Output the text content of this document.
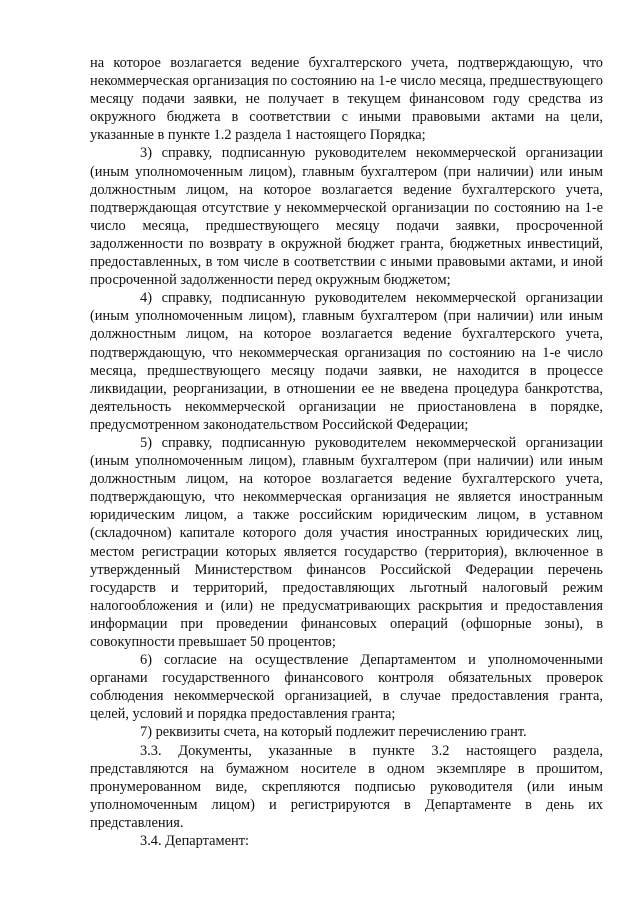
на которое возлагается ведение бухгалтерского учета, подтверждающую, что некоммерческая организация по состоянию на 1-е число месяца, предшествующего месяцу подачи заявки, не получает в текущем финансовом году средства из окружного бюджета в соответствии с иными правовыми актами на цели, указанные в пункте 1.2 раздела 1 настоящего Порядка;

3) справку, подписанную руководителем некоммерческой организации (иным уполномоченным лицом), главным бухгалтером (при наличии) или иным должностным лицом, на которое возлагается ведение бухгалтерского учета, подтверждающая отсутствие у некоммерческой организации по состоянию на 1-е число месяца, предшествующего месяцу подачи заявки, просроченной задолженности по возврату в окружной бюджет гранта, бюджетных инвестиций, предоставленных, в том числе в соответствии с иными правовыми актами, и иной просроченной задолженности перед окружным бюджетом;

4) справку, подписанную руководителем некоммерческой организации (иным уполномоченным лицом), главным бухгалтером (при наличии) или иным должностным лицом, на которое возлагается ведение бухгалтерского учета, подтверждающую, что некоммерческая организация по состоянию на 1-е число месяца, предшествующего месяцу подачи заявки, не находится в процессе ликвидации, реорганизации, в отношении ее не введена процедура банкротства, деятельность некоммерческой организации не приостановлена в порядке, предусмотренном законодательством Российской Федерации;

5) справку, подписанную руководителем некоммерческой организации (иным уполномоченным лицом), главным бухгалтером (при наличии) или иным должностным лицом, на которое возлагается ведение бухгалтерского учета, подтверждающую, что некоммерческая организация не является иностранным юридическим лицом, а также российским юридическим лицом, в уставном (складочном) капитале которого доля участия иностранных юридических лиц, местом регистрации которых является государство (территория), включенное в утвержденный Министерством финансов Российской Федерации перечень государств и территорий, предоставляющих льготный налоговый режим налогообложения и (или) не предусматривающих раскрытия и предоставления информации при проведении финансовых операций (офшорные зоны), в совокупности превышает 50 процентов;

6) согласие на осуществление Департаментом и уполномоченными органами государственного финансового контроля обязательных проверок соблюдения некоммерческой организацией, в случае предоставления гранта, целей, условий и порядка предоставления гранта;

7) реквизиты счета, на который подлежит перечислению грант.

3.3. Документы, указанные в пункте 3.2 настоящего раздела, представляются на бумажном носителе в одном экземпляре в прошитом, пронумерованном виде, скрепляются подписью руководителя (или иным уполномоченным лицом) и регистрируются в Департаменте в день их представления.

3.4. Департамент:
